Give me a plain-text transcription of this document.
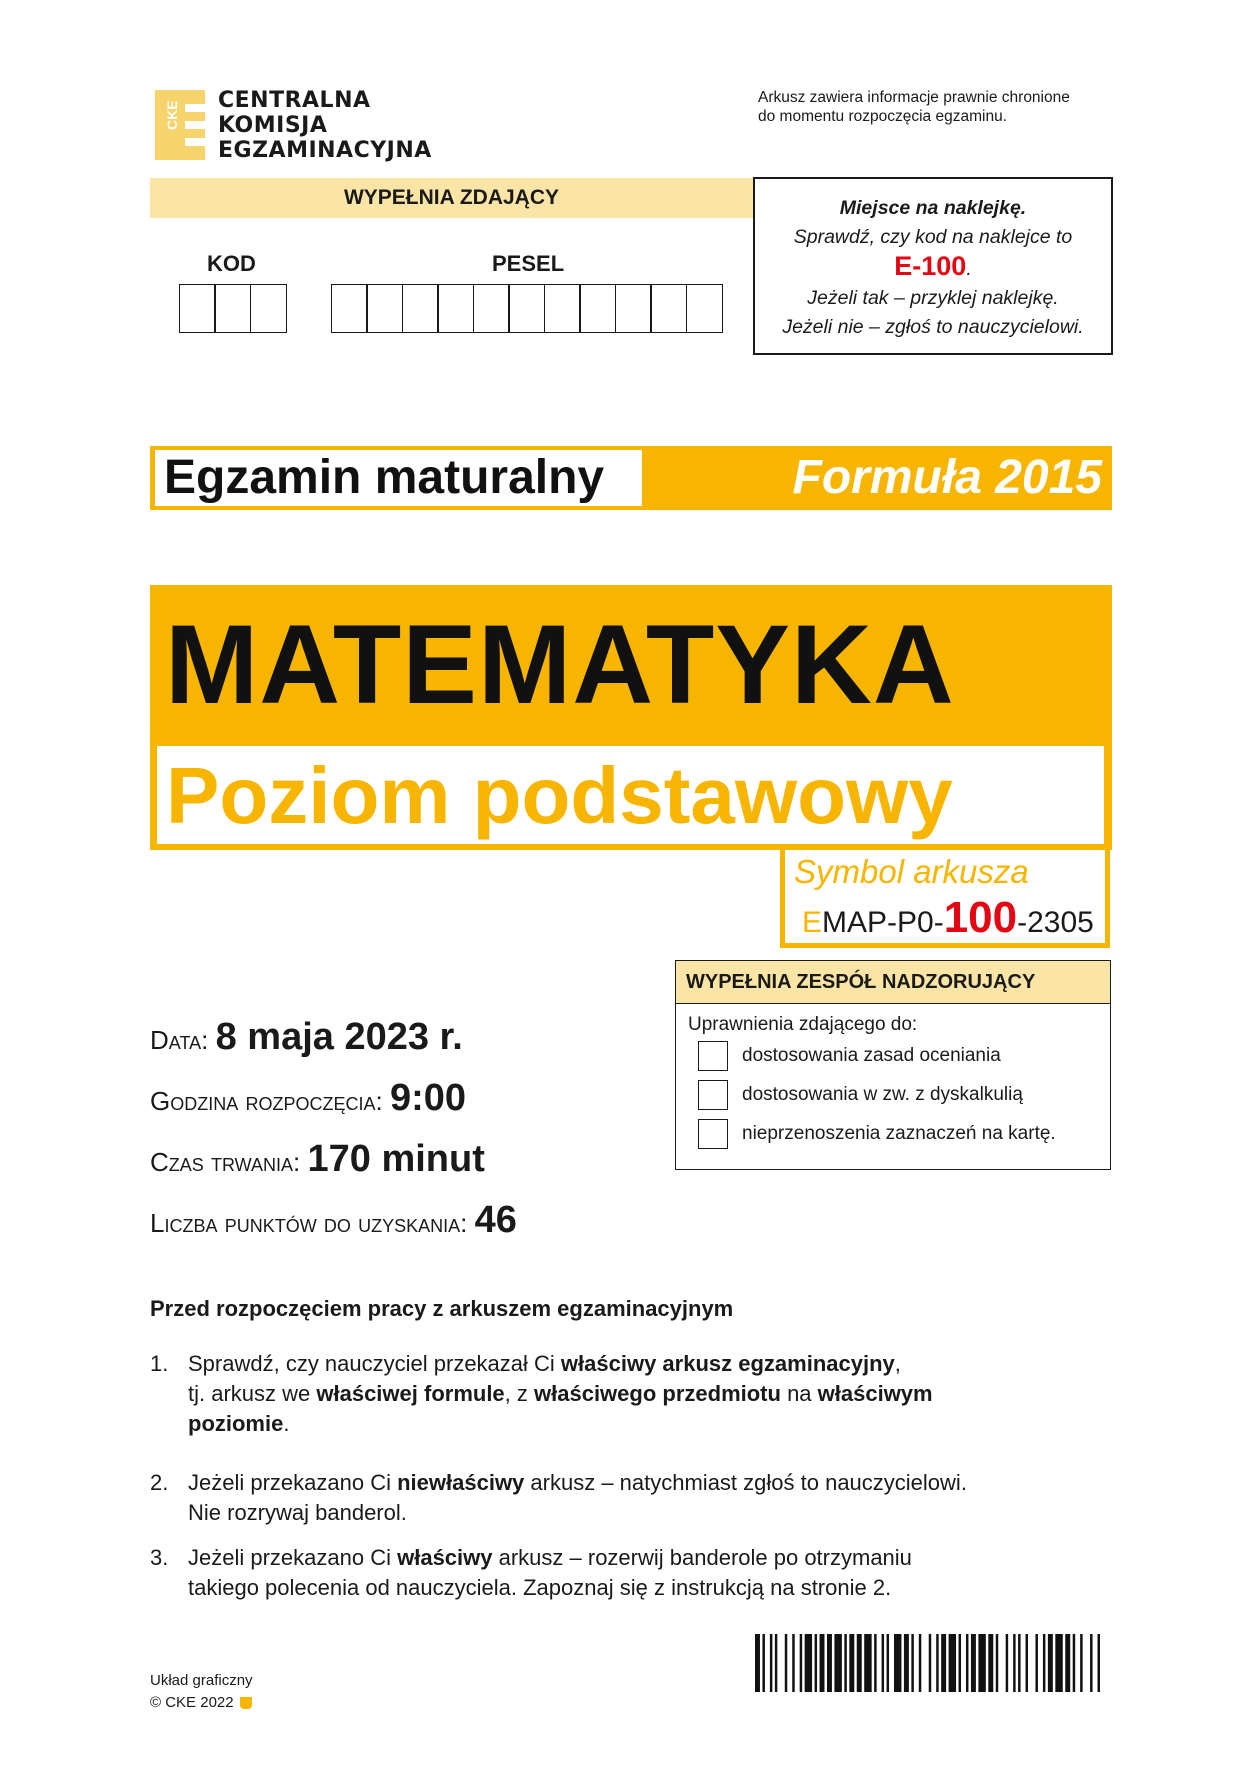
CKE CENTRALNA
KOMISJA
EGZAMINACYJNA
Arkusz zawiera informacje prawnie chronione
do momentu rozpoczęcia egzaminu.
WYPEŁNIA ZDAJĄCY
KOD	PESEL
Miejsce na naklejkę.
Sprawdź, czy kod na naklejce to
E-100.
Jeżeli tak – przyklej naklejkę.
Jeżeli nie – zgłoś to nauczycielowi.
Egzamin maturalny	Formuła 2015
MATEMATYKA
Poziom podstawowy
Symbol arkusza
EMAP-P0-100-2305
WYPEŁNIA ZESPÓŁ NADZORUJĄCY
Uprawnienia zdającego do:
dostosowania zasad oceniania
dostosowania w zw. z dyskalkulią
nieprzenoszenia zaznaczeń na kartę.
Data: 8 maja 2023 r.
Godzina rozpoczęcia: 9:00
Czas trwania: 170 minut
Liczba punktów do uzyskania: 46
Przed rozpoczęciem pracy z arkuszem egzaminacyjnym
1. Sprawdź, czy nauczyciel przekazał Ci właściwy arkusz egzaminacyjny,
tj. arkusz we właściwej formule, z właściwego przedmiotu na właściwym
poziomie.
2. Jeżeli przekazano Ci niewłaściwy arkusz – natychmiast zgłoś to nauczycielowi.
Nie rozrywaj banderol.
3. Jeżeli przekazano Ci właściwy arkusz – rozerwij banderole po otrzymaniu
takiego polecenia od nauczyciela. Zapoznaj się z instrukcją na stronie 2.
Układ graficzny
© CKE 2022
